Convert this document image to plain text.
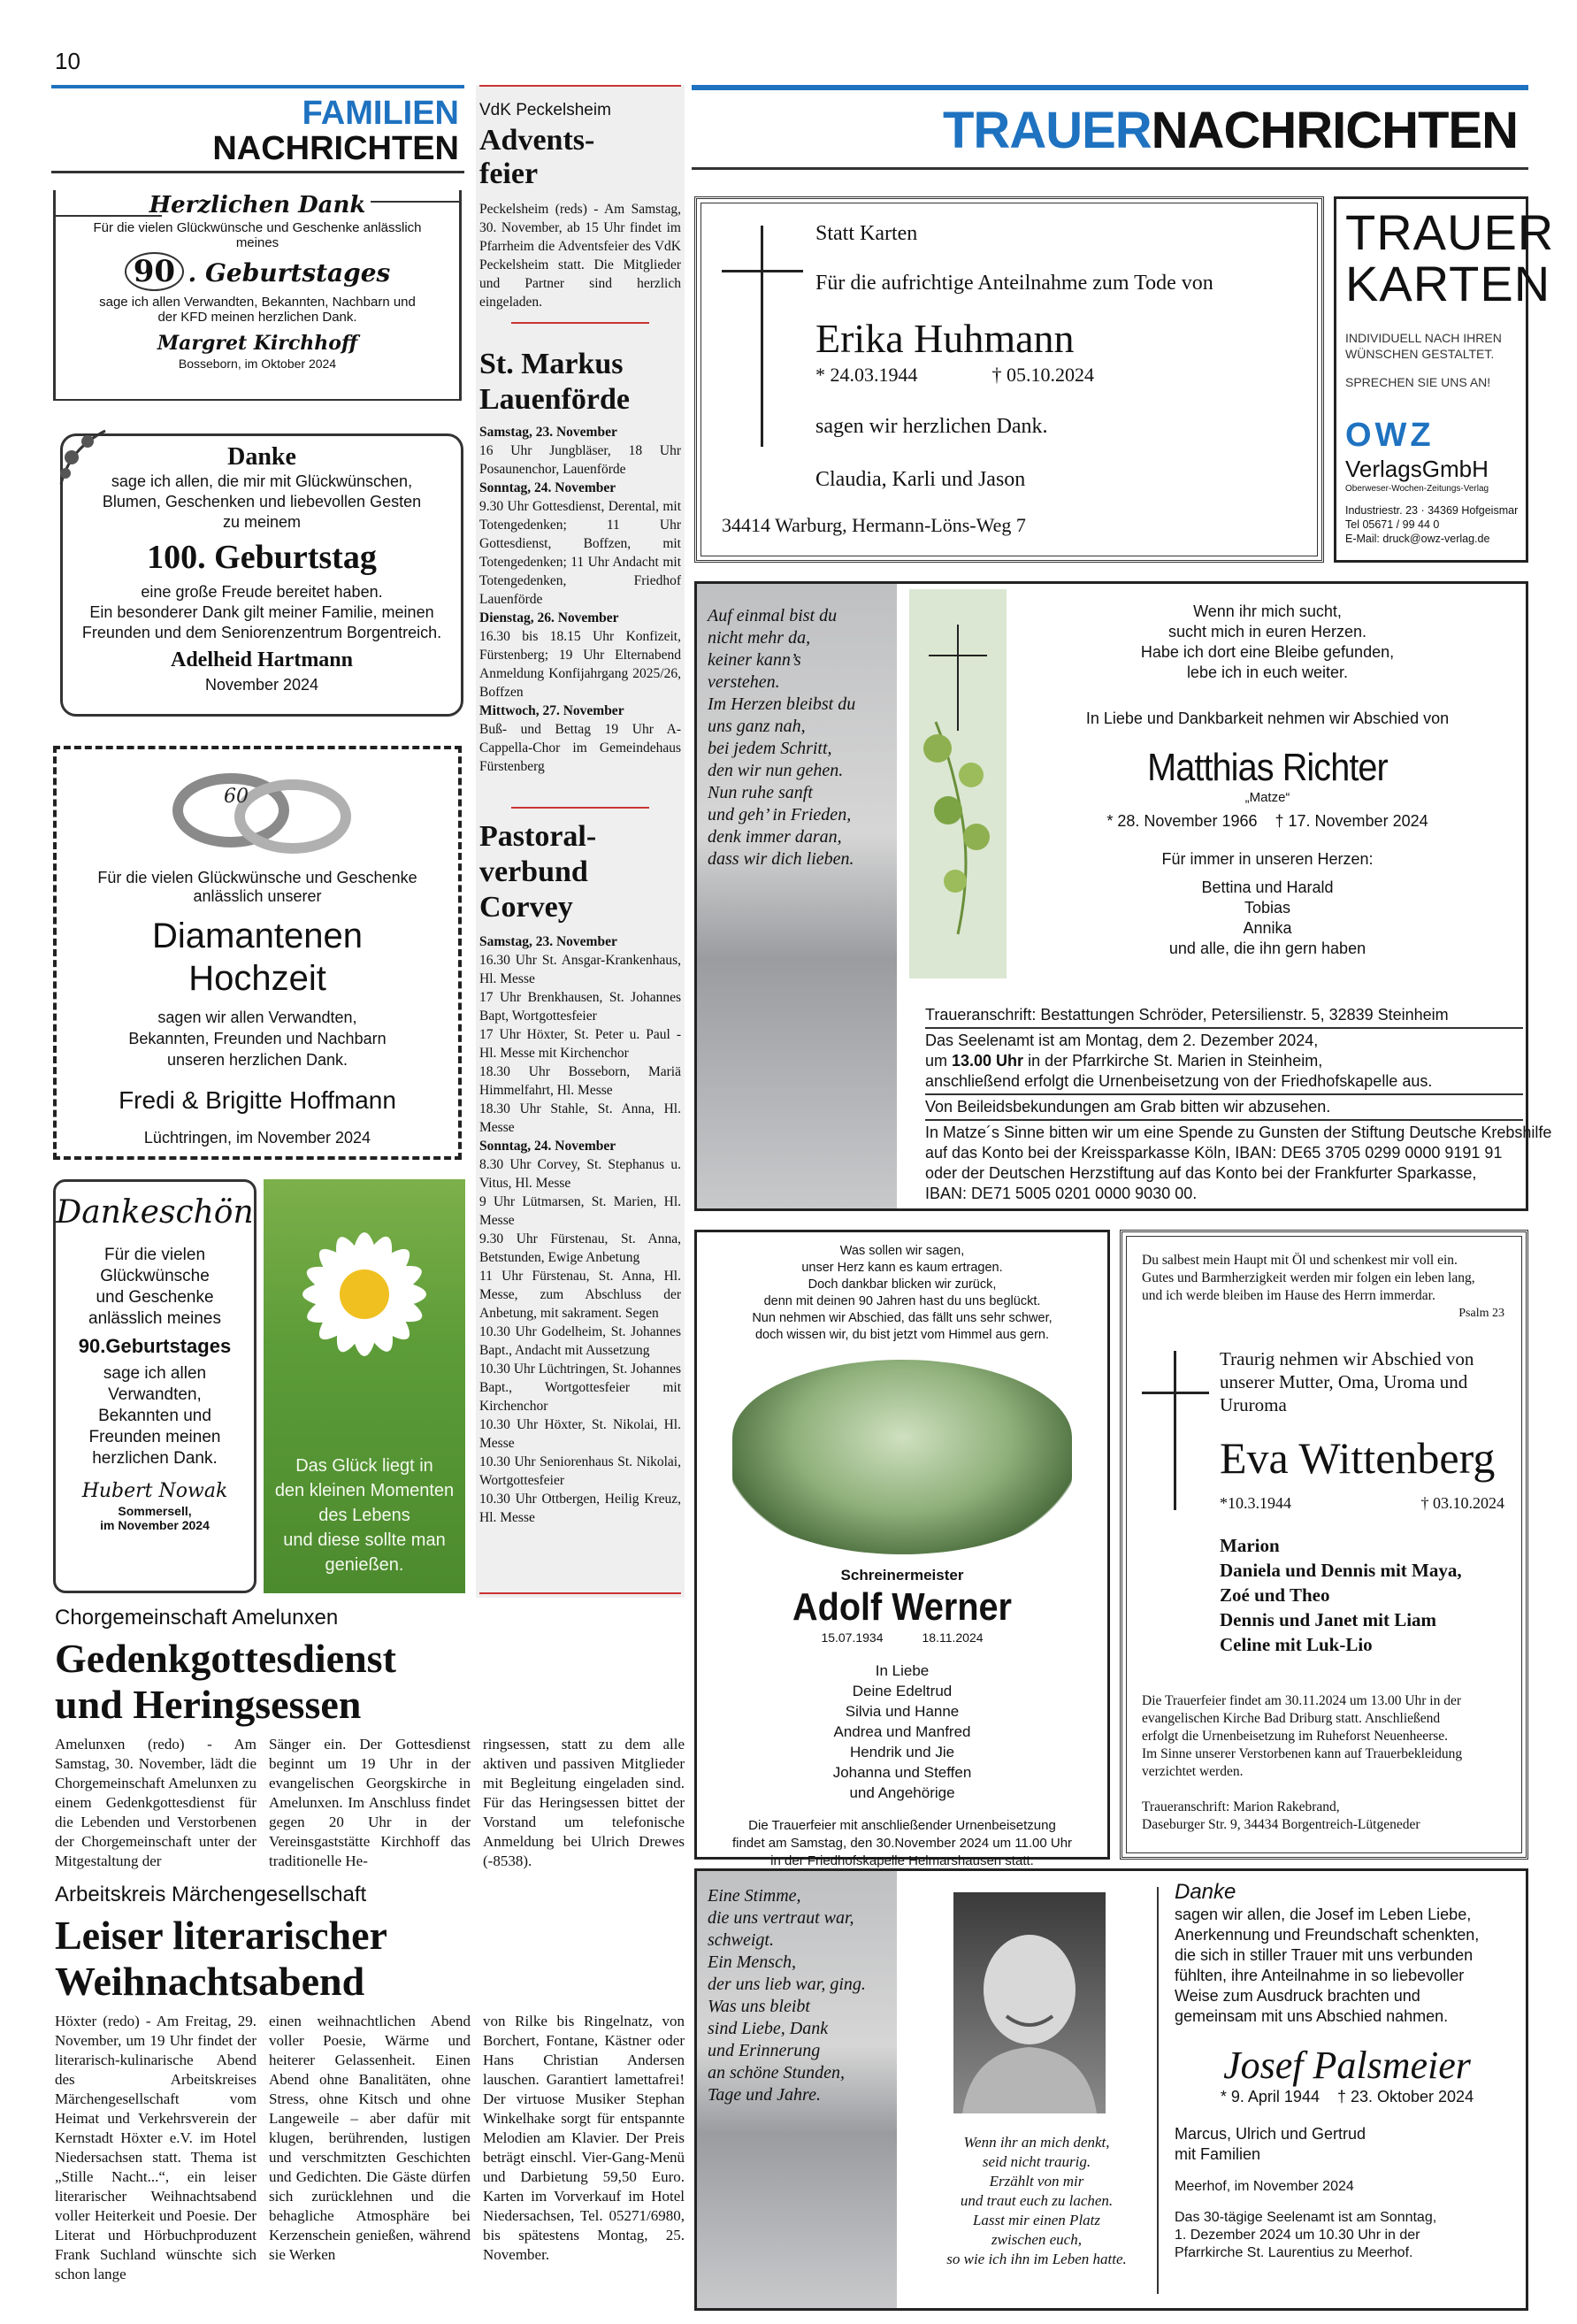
10
FAMILIEN
NACHRICHTEN
Herzlichen Dank
Für die vielen Glückwünsche und Geschenke anlässlich
meines
90 . Geburtstages
sage ich allen Verwandten, Bekannten, Nachbarn und
der KFD meinen herzlichen Dank.
Margret Kirchhoff
Bosseborn, im Oktober 2024
Danke
sage ich allen, die mir mit Glückwünschen,
Blumen, Geschenken und liebevollen Gesten
zu meinem
100. Geburtstag
eine große Freude bereitet haben.
Ein besonderer Dank gilt meiner Familie, meinen
Freunden und dem Seniorenzentrum Borgentreich.
Adelheid Hartmann
November 2024
60
Für die vielen Glückwünsche und Geschenke
anlässlich unserer
Diamantenen
Hochzeit
sagen wir allen Verwandten,
Bekannten, Freunden und Nachbarn
unseren herzlichen Dank.
Fredi & Brigitte Hoffmann
Lüchtringen, im November 2024
Dankeschön
Für die vielen
Glückwünsche
und Geschenke
anlässlich meines
90.Geburtstages
sage ich allen
Verwandten,
Bekannten und
Freunden meinen
herzlichen Dank.
Hubert Nowak
Sommersell,
im November 2024
Das Glück liegt in
den kleinen Momenten
des Lebens
und diese sollte man
genießen.
VdK Peckelsheim
Advents-
feier
Peckelsheim (reds) - Am Samstag, 30. November, ab 15 Uhr findet im Pfarrheim die Adventsfeier des VdK Peckelsheim statt. Die Mitglieder und Partner sind herzlich eingeladen.
St. Markus
Lauenförde
Samstag, 23. November
16 Uhr Jungbläser, 18 Uhr Posaunenchor, Lauenförde
Sonntag, 24. November
9.30 Uhr Gottesdienst, Derental, mit Totengedenken; 11 Uhr Gottesdienst, Boffzen, mit Totengedenken; 11 Uhr Andacht mit Totengedenken, Friedhof Lauenförde
Dienstag, 26. November
16.30 bis 18.15 Uhr Konfizeit, Fürstenberg; 19 Uhr Elternabend Anmeldung Konfijahrgang 2025/26, Boffzen
Mittwoch, 27. November
Buß- und Bettag 19 Uhr A-Cappella-Chor im Gemeindehaus Fürstenberg
Pastoral-
verbund
Corvey
Samstag, 23. November
16.30 Uhr St. Ansgar-Krankenhaus, Hl. Messe
17 Uhr Brenkhausen, St. Johannes Bapt, Wortgottesfeier
17 Uhr Höxter, St. Peter u. Paul - Hl. Messe mit Kirchenchor
18.30 Uhr Bosseborn, Mariä Himmelfahrt, Hl. Messe
18.30 Uhr Stahle, St. Anna, Hl. Messe
Sonntag, 24. November
8.30 Uhr Corvey, St. Stephanus u. Vitus, Hl. Messe
9 Uhr Lütmarsen, St. Marien, Hl. Messe
9.30 Uhr Fürstenau, St. Anna, Betstunden, Ewige Anbetung
11 Uhr Fürstenau, St. Anna, Hl. Messe, zum Abschluss der Anbetung, mit sakrament. Segen
10.30 Uhr Godelheim, St. Johannes Bapt., Andacht mit Aussetzung
10.30 Uhr Lüchtringen, St. Johannes Bapt., Wortgottesfeier mit Kirchenchor
10.30 Uhr Höxter, St. Nikolai, Hl. Messe
10.30 Uhr Seniorenhaus St. Nikolai, Wortgottesfeier
10.30 Uhr Ottbergen, Heilig Kreuz, Hl. Messe
Chorgemeinschaft Amelunxen
Gedenkgottesdienst
und Heringsessen
Amelunxen (redo) - Am Samstag, 30. November, lädt die Chorgemeinschaft Amelunxen zu einem Gedenkgottesdienst für die Lebenden und Verstorbenen der Chorgemeinschaft unter der Mitgestaltung der
Sänger ein. Der Gottesdienst beginnt um 19 Uhr in der evangelischen Georgskirche in Amelunxen. Im Anschluss findet gegen 20 Uhr in der Vereinsgaststätte Kirchhoff das traditionelle He-
ringsessen, statt zu dem alle aktiven und passiven Mitglieder mit Begleitung eingeladen sind. Für das Heringsessen bittet der Vorstand um telefonische Anmeldung bei Ulrich Drewes (-8538).
Arbeitskreis Märchengesellschaft
Leiser literarischer
Weihnachtsabend
Höxter (redo) - Am Freitag, 29. November, um 19 Uhr findet der literarisch-kulinarische Abend des Arbeitskreises Märchengesellschaft vom Heimat und Verkehrsverein der Kernstadt Höxter e.V. im Hotel Niedersachsen statt. Thema ist „Stille Nacht...“, ein leiser literarischer Weihnachtsabend voller Heiterkeit und Poesie. Der Literat und Hörbuchproduzent Frank Suchland wünschte sich schon lange
einen weihnachtlichen Abend voller Poesie, Wärme und heiterer Gelassenheit. Einen Abend ohne Banalitäten, ohne Stress, ohne Kitsch und ohne Langeweile – aber dafür mit klugen, berührenden, lustigen und verschmitzten Geschichten und Gedichten. Die Gäste dürfen sich zurücklehnen und die behagliche Atmosphäre bei Kerzenschein genießen, während sie Werken
von Rilke bis Ringelnatz, von Borchert, Fontane, Kästner oder Hans Christian Andersen lauschen. Garantiert lamettafrei! Der virtuose Musiker Stephan Winkelhake sorgt für entspannte Melodien am Klavier. Der Preis beträgt einschl. Vier-Gang-Menü und Darbietung 59,50 Euro. Karten im Vorverkauf im Hotel Niedersachsen, Tel. 05271/6980, bis spätestens Montag, 25. November.
TRAUERNACHRICHTEN
Statt Karten
Für die aufrichtige Anteilnahme zum Tode von
Erika Huhmann
* 24.03.1944	† 05.10.2024
sagen wir herzlichen Dank.
Claudia, Karli und Jason
34414 Warburg, Hermann-Löns-Weg 7
TRAUER
KARTEN
INDIVIDUELL NACH IHREN
WÜNSCHEN GESTALTET.
SPRECHEN SIE UNS AN!
OWZ
VerlagsGmbH
Oberweser-Wochen-Zeitungs-Verlag
Industriestr. 23 · 34369 Hofgeismar
Tel 05671 / 99 44 0
E-Mail: druck@owz-verlag.de
Auf einmal bist du
nicht mehr da,
keiner kann’s
verstehen.
Im Herzen bleibst du
uns ganz nah,
bei jedem Schritt,
den wir nun gehen.
Nun ruhe sanft
und geh’ in Frieden,
denk immer daran,
dass wir dich lieben.
Wenn ihr mich sucht,
sucht mich in euren Herzen.
Habe ich dort eine Bleibe gefunden,
lebe ich in euch weiter.
In Liebe und Dankbarkeit nehmen wir Abschied von
Matthias Richter
„Matze“
* 28. November 1966    † 17. November 2024
Für immer in unseren Herzen:
Bettina und Harald
Tobias
Annika
und alle, die ihn gern haben
Traueranschrift: Bestattungen Schröder, Petersilienstr. 5, 32839 Steinheim
Das Seelenamt ist am Montag, dem 2. Dezember 2024,
um 13.00 Uhr in der Pfarrkirche St. Marien in Steinheim,
anschließend erfolgt die Urnenbeisetzung von der Friedhofskapelle aus.
Von Beileidsbekundungen am Grab bitten wir abzusehen.
In Matze´s Sinne bitten wir um eine Spende zu Gunsten der Stiftung Deutsche Krebshilfe
auf das Konto bei der Kreissparkasse Köln, IBAN: DE65 3705 0299 0000 9191 91
oder der Deutschen Herzstiftung auf das Konto bei der Frankfurter Sparkasse,
IBAN: DE71 5005 0201 0000 9030 00.
Was sollen wir sagen,
unser Herz kann es kaum ertragen.
Doch dankbar blicken wir zurück,
denn mit deinen 90 Jahren hast du uns beglückt.
Nun nehmen wir Abschied, das fällt uns sehr schwer,
doch wissen wir, du bist jetzt vom Himmel aus gern.
Schreinermeister
Adolf Werner
15.07.1934	18.11.2024
In Liebe
Deine Edeltrud
Silvia und Hanne
Andrea und Manfred
Hendrik und Jie
Johanna und Steffen
und Angehörige
Die Trauerfeier mit anschließender Urnenbeisetzung
findet am Samstag, den 30.November 2024 um 11.00 Uhr
in der Friedhofskapelle Helmarshausen statt.
Du salbest mein Haupt mit Öl und schenkest mir voll ein.
Gutes und Barmherzigkeit werden mir folgen ein leben lang,
und ich werde bleiben im Hause des Herrn immerdar.
Psalm 23
Traurig nehmen wir Abschied von
unserer Mutter, Oma, Uroma und
Ururoma
Eva Wittenberg
*10.3.1944	† 03.10.2024
Marion
Daniela und Dennis mit Maya,
Zoé und Theo
Dennis und Janet mit Liam
Celine mit Luk-Lio
Die Trauerfeier findet am 30.11.2024 um 13.00 Uhr in der
evangelischen Kirche Bad Driburg statt. Anschließend
erfolgt die Urnenbeisetzung im Ruheforst Neuenheerse.
Im Sinne unserer Verstorbenen kann auf Trauerbekleidung
verzichtet werden.
Traueranschrift: Marion Rakebrand,
Daseburger Str. 9, 34434 Borgentreich-Lütgeneder
Eine Stimme,
die uns vertraut war,
schweigt.
Ein Mensch,
der uns lieb war, ging.
Was uns bleibt
sind Liebe, Dank
und Erinnerung
an schöne Stunden,
Tage und Jahre.
Wenn ihr an mich denkt,
seid nicht traurig.
Erzählt von mir
und traut euch zu lachen.
Lasst mir einen Platz
zwischen euch,
so wie ich ihn im Leben hatte.
Danke
sagen wir allen, die Josef im Leben Liebe,
Anerkennung und Freundschaft schenkten,
die sich in stiller Trauer mit uns verbunden
fühlten, ihre Anteilnahme in so liebevoller
Weise zum Ausdruck brachten und
gemeinsam mit uns Abschied nahmen.
Josef Palsmeier
* 9. April 1944    † 23. Oktober 2024
Marcus, Ulrich und Gertrud
mit Familien
Meerhof, im November 2024
Das 30-tägige Seelenamt ist am Sonntag,
1. Dezember 2024 um 10.30 Uhr in der
Pfarrkirche St. Laurentius zu Meerhof.
